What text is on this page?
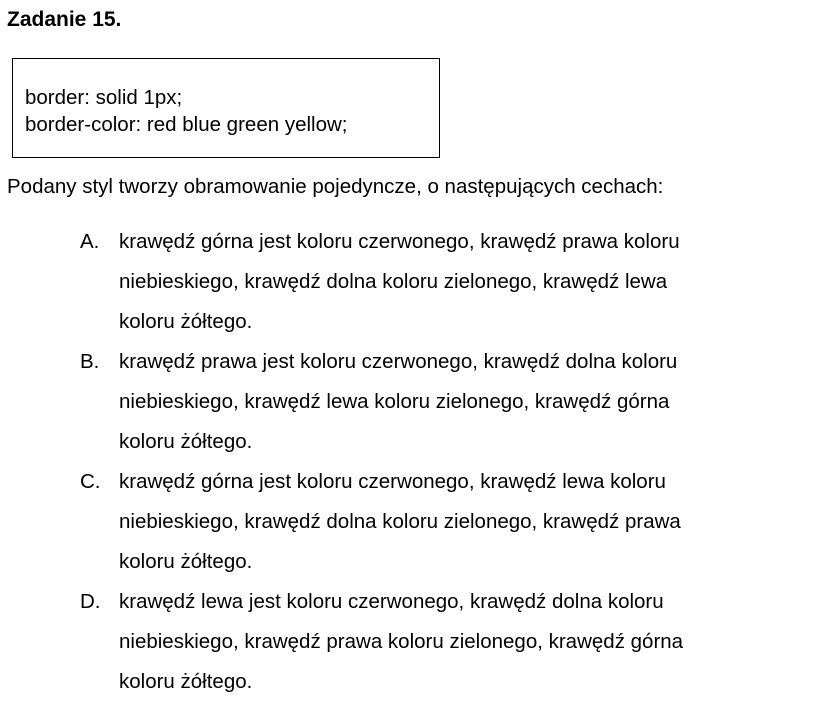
Zadanie 15.
border: solid 1px;
border-color: red blue green yellow;

Podany styl tworzy obramowanie pojedyncze, o następujących cechach:

A. krawędź górna jest koloru czerwonego, krawędź prawa koloru
niebieskiego, krawędź dolna koloru zielonego, krawędź lewa
koloru żółtego.
B. krawędź prawa jest koloru czerwonego, krawędź dolna koloru
niebieskiego, krawędź lewa koloru zielonego, krawędź górna
koloru żółtego.
C. krawędź górna jest koloru czerwonego, krawędź lewa koloru
niebieskiego, krawędź dolna koloru zielonego, krawędź prawa
koloru żółtego.
D. krawędź lewa jest koloru czerwonego, krawędź dolna koloru
niebieskiego, krawędź prawa koloru zielonego, krawędź górna
koloru żółtego.
